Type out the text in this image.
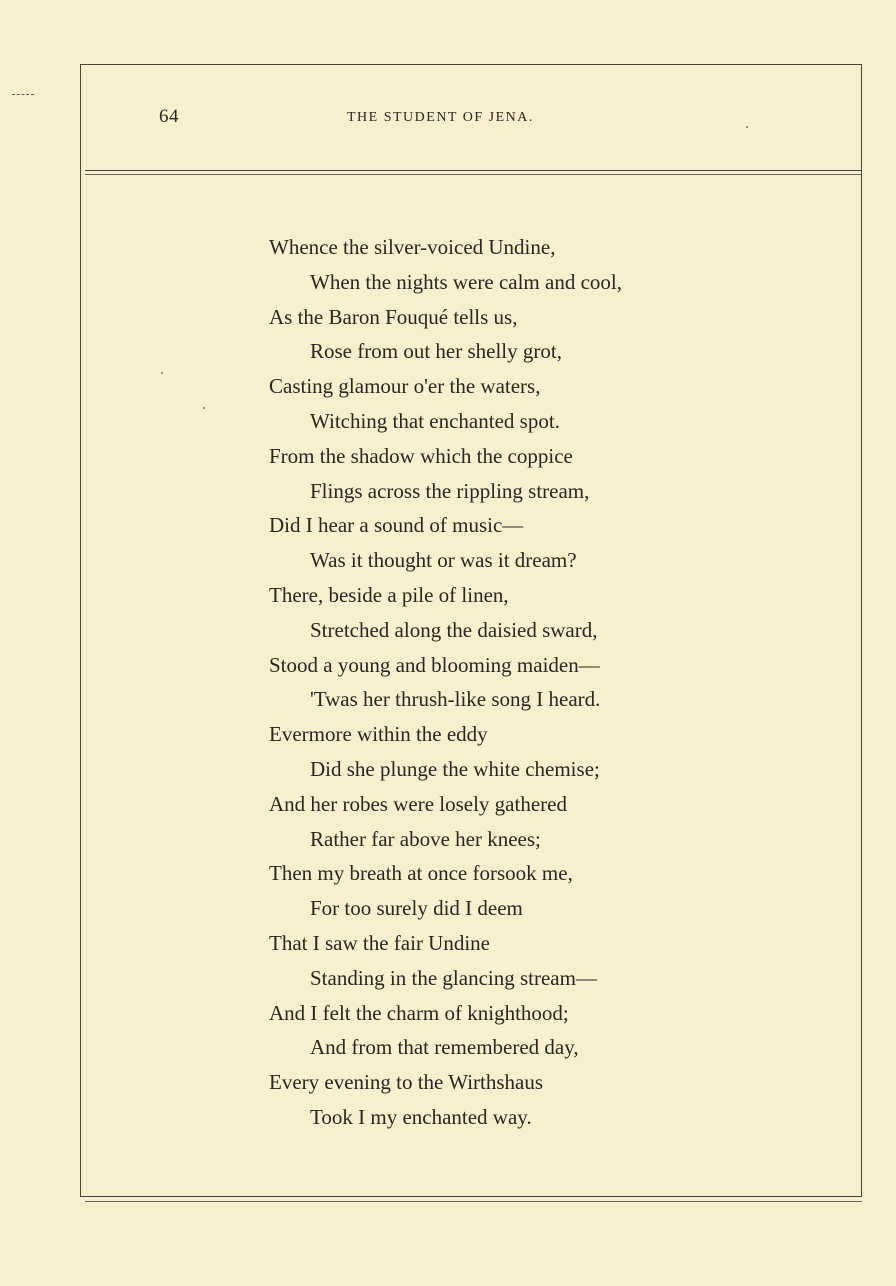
64	THE STUDENT OF JENA.
Whence the silver-voiced Undine,
When the nights were calm and cool,
As the Baron Fouqué tells us,
Rose from out her shelly grot,
Casting glamour o'er the waters,
Witching that enchanted spot.
From the shadow which the coppice
Flings across the rippling stream,
Did I hear a sound of music—
Was it thought or was it dream?
There, beside a pile of linen,
Stretched along the daisied sward,
Stood a young and blooming maiden—
'Twas her thrush-like song I heard.
Evermore within the eddy
Did she plunge the white chemise;
And her robes were losely gathered
Rather far above her knees;
Then my breath at once forsook me,
For too surely did I deem
That I saw the fair Undine
Standing in the glancing stream—
And I felt the charm of knighthood;
And from that remembered day,
Every evening to the Wirthshaus
Took I my enchanted way.
